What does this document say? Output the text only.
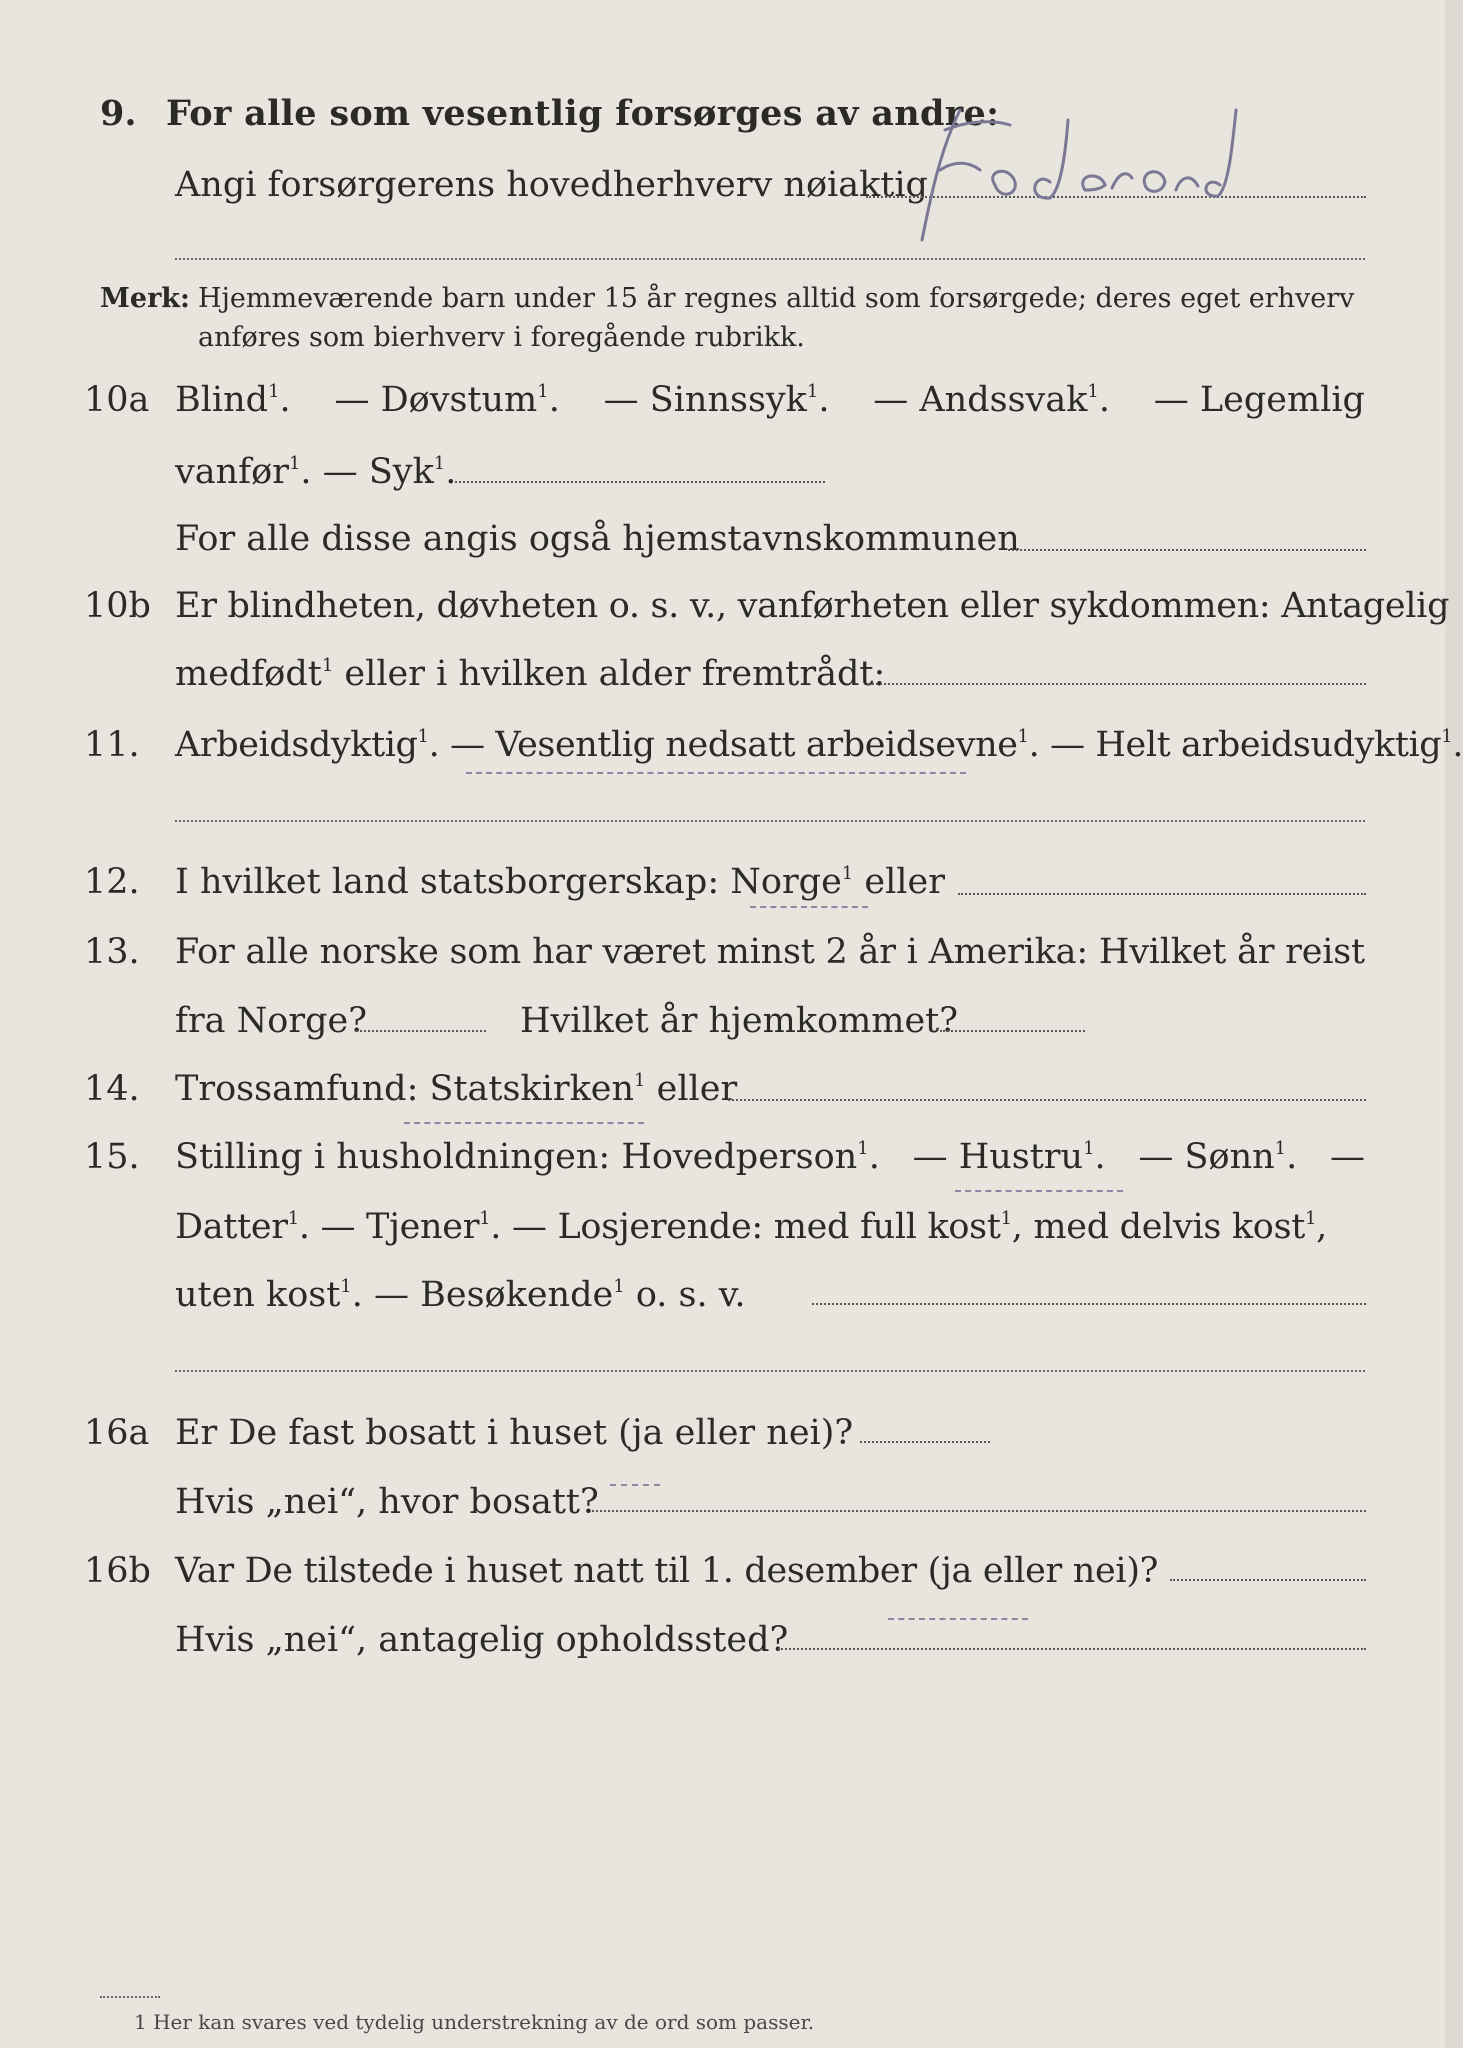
9. For alle som vesentlig forsørges av andre:
Angi forsørgerens hovedherhverv nøiaktig
Merk: Hjemmeværende barn under 15 år regnes alltid som forsørgede; deres eget erhverv
anføres som bierhverv i foregående rubrikk.
10a Blind$^1$. — Døvstum$^1$. — Sinnssyk$^1$. — Andssvak$^1$. — Legemlig
vanfør$^1$. — Syk$^1$.
For alle disse angis også hjemstavnskommunen
10b Er blindheten, døvheten o. s. v., vanførheten eller sykdommen: Antagelig
medfødt$^1$ eller i hvilken alder fremtrådt:
11. Arbeidsdyktig$^1$. — Vesentlig nedsatt arbeidsevne$^1$. — Helt arbeidsudyktig$^1$.
12. I hvilket land statsborgerskap: Norge$^1$ eller
13. For alle norske som har været minst 2 år i Amerika: Hvilket år reist
fra Norge?	Hvilket år hjemkommet?
14. Trossamfund: Statskirken$^1$ eller
15. Stilling i husholdningen: Hovedperson$^1$. — Hustru$^1$. — Sønn$^1$. —
Datter$^1$. — Tjener$^1$. — Losjerende: med full kost$^1$, med delvis kost$^1$,
uten kost$^1$. — Besøkende$^1$ o. s. v.
16a Er De fast bosatt i huset (ja eller nei)?
Hvis „nei“, hvor bosatt?
16b Var De tilstede i huset natt til 1. desember (ja eller nei)?
Hvis „nei“, antagelig opholdssted?
1 Her kan svares ved tydelig understrekning av de ord som passer.
